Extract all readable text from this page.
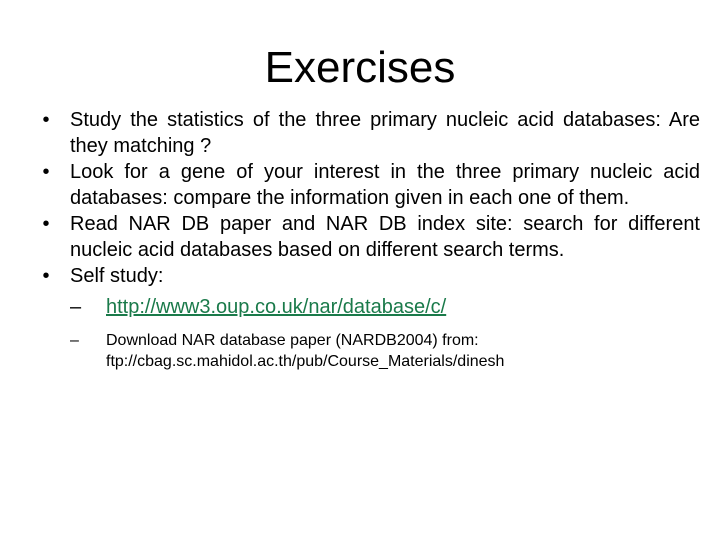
Exercises
•	Study the statistics of the three primary nucleic acid databases: Are they matching ?
•	Look for a gene of your interest in the three primary nucleic acid databases: compare the information given in each one of them.
•	Read NAR DB paper and NAR DB index site: search for different nucleic acid databases based on different search terms.
•	Self study:
– http://www3.oup.co.uk/nar/database/c/
– Download NAR database paper (NARDB2004) from:
ftp://cbag.sc.mahidol.ac.th/pub/Course_Materials/dinesh
